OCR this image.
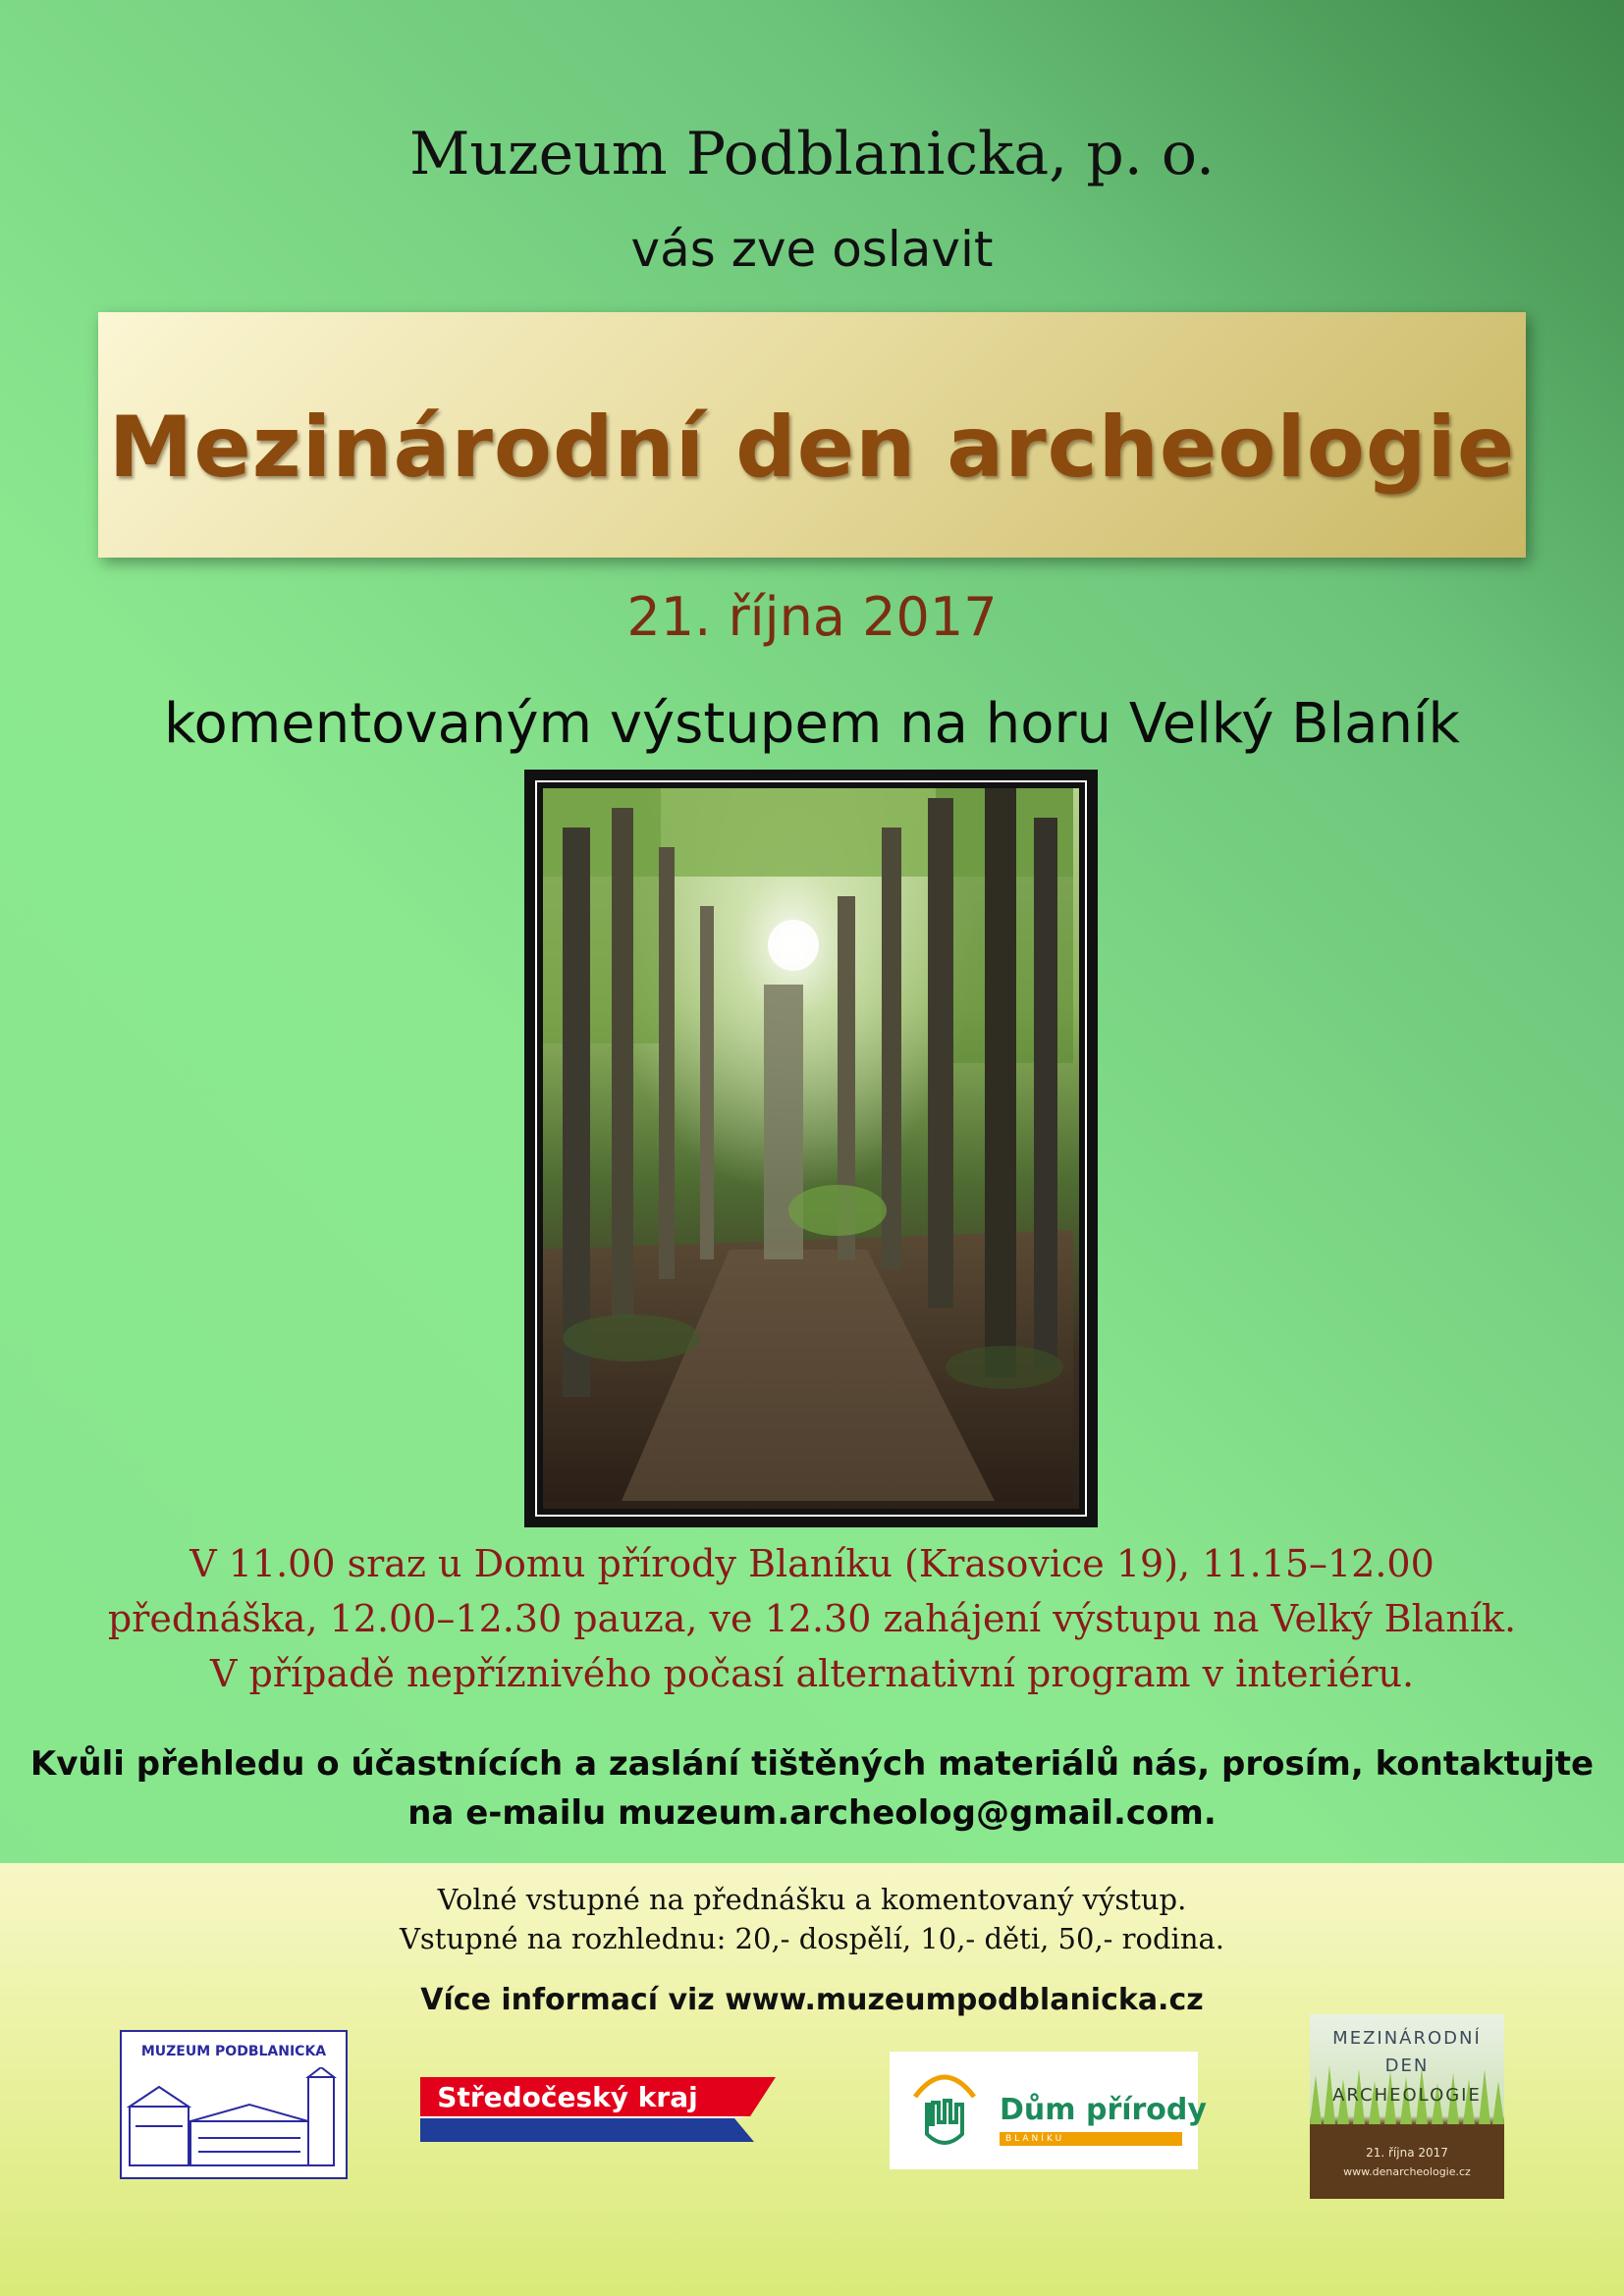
Muzeum Podblanicka, p. o.
vás zve oslavit
Mezinárodní den archeologie
21. října 2017
komentovaným výstupem na horu Velký Blaník
V 11.00 sraz u Domu přírody Blaníku (Krasovice 19), 11.15–12.00
přednáška, 12.00–12.30 pauza, ve 12.30 zahájení výstupu na Velký Blaník.
V případě nepříznivého počasí alternativní program v interiéru.
Kvůli přehledu o účastnících a zaslání tištěných materiálů nás, prosím, kontaktujte
na e-mailu muzeum.archeolog@gmail.com.
Volné vstupné na přednášku a komentovaný výstup.
Vstupné na rozhlednu: 20,- dospělí, 10,- děti, 50,- rodina.
Více informací viz www.muzeumpodblanicka.cz
MUZEUM PODBLANICKA
Středočeský kraj	Dům přírody
BLANÍKU
MEZINÁRODNÍ
DEN
ARCHEOLOGIE
21. října 2017
www.denarcheologie.cz
